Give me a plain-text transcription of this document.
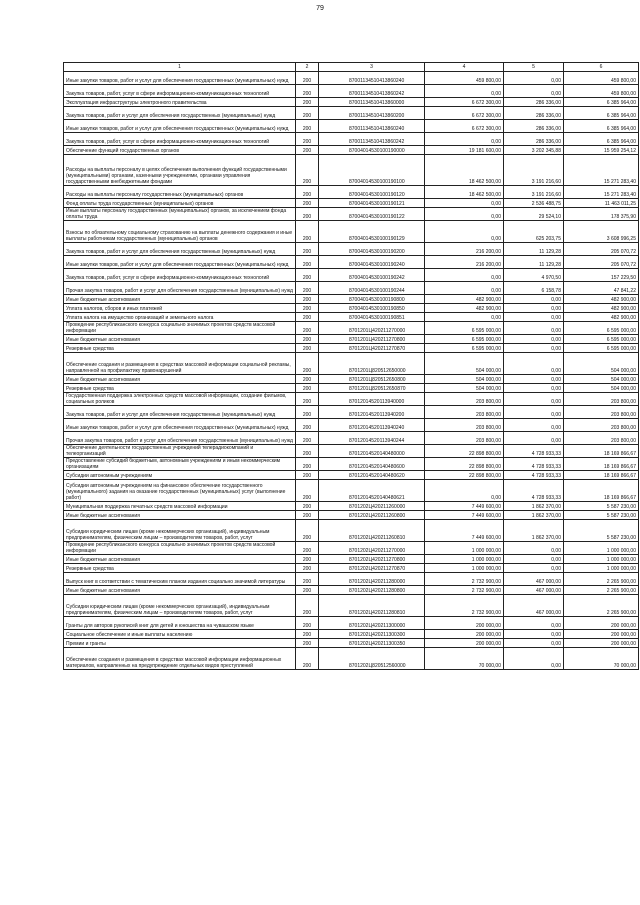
79
1	2	3	4	5	6
Иные закупки товаров, работ и услуг для обеспечения государственных (муниципальных) нужд	200	87001134510413860240	459 800,00	0,00	459 800,00
Закупка товаров, работ, услуг в сфере информационно-коммуникационных технологий	200	87001134510413860242	0,00	0,00	459 800,00
Эксплуатация инфраструктуры электронного правительства	200	87001134510413860000	6 672 300,00	286 336,00	6 385 964,00
Закупка товаров, работ и услуг для обеспечения государственных (муниципальных) нужд	200	87001134510413860200	6 672 300,00	286 336,00	6 385 964,00
Иные закупки товаров, работ и услуг для обеспечения государственных (муниципальных) нужд	200	87001134510413860240	6 672 300,00	286 336,00	6 385 964,00
Закупка товаров, работ, услуг в сфере информационно-коммуникационных технологий	200	87001134510413860242	0,00	286 336,00	6 385 964,00
Обеспечение функций государственных органов	200	87004014530100190000	19 181 600,00	3 202 345,88	15 959 254,12
Расходы на выплаты персоналу в целях обеспечения выполнения функций государственными (муниципальными) органами, казенными учреждениями, органами управления государственными внебюджетными фондами	200	87004014530100190100	18 462 500,00	3 191 216,60	15 271 283,40
Расходы на выплаты персоналу государственных (муниципальных) органов	200	87004014530100190120	18 462 500,00	3 191 216,60	15 271 283,40
Фонд оплаты труда государственных (муниципальных) органов	200	87004014530100190121	0,00	2 536 488,75	11 463 011,25
Иные выплаты персоналу государственных (муниципальных) органов, за исключением фонда оплаты труда	200	87004014530100190122	0,00	29 524,10	178 375,90
Взносы по обязательному социальному страхованию на выплаты денежного содержания и иные выплаты работникам государственных (муниципальных) органов	200	87004014530100190129	0,00	625 203,75	3 608 996,25
Закупка товаров, работ и услуг для обеспечения государственных (муниципальных) нужд	200	87004014530100190200	216 200,00	11 129,28	205 070,72
Иные закупки товаров, работ и услуг для обеспечения государственных (муниципальных) нужд	200	87004014530100190240	216 200,00	11 129,28	205 070,72
Закупка товаров, работ, услуг в сфере информационно-коммуникационных технологий	200	87004014530100190242	0,00	4 970,50	157 229,50
Прочая закупка товаров, работ и услуг для обеспечения государственных (муниципальных) нужд	200	87004014530100190244	0,00	6 158,78	47 841,22
Иные бюджетные ассигнования	200	87004014530100190800	482 900,00	0,00	482 900,00
Уплата налогов, сборов и иных платежей	200	87004014530100190850	482 900,00	0,00	482 900,00
Уплата налога на имущество организаций и земельного налога	200	87004014530100190851	0,00	0,00	482 900,00
Проведение республиканского конкурса социально значимых проектов средств массовой информации	200	8701201Ц420211270000	6 595 000,00	0,00	6 595 000,00
Иные бюджетные ассигнования	200	8701201Ц420211270800	6 595 000,00	0,00	6 595 000,00
Резервные средства	200	8701201Ц420211270870	6 595 000,00	0,00	6 595 000,00
Обеспечение создания и размещения в средствах массовой информации социальной рекламы, направленной на профилактику правонарушений	200	8701201Ц820512650000	504 000,00	0,00	504 000,00
Иные бюджетные ассигнования	200	8701201Ц820512650800	504 000,00	0,00	504 000,00
Резервные средства	200	8701201Ц820512650870	504 000,00	0,00	504 000,00
Государственная поддержка электронных средств массовой информации, создание фильмов, социальных роликов	200	87012014520113940000	203 800,00	0,00	203 800,00
Закупка товаров, работ и услуг для обеспечения государственных (муниципальных) нужд	200	87012014520113940200	203 800,00	0,00	203 800,00
Иные закупки товаров, работ и услуг для обеспечения государственных (муниципальных) нужд	200	87012014520113940240	203 800,00	0,00	203 800,00
Прочая закупка товаров, работ и услуг для обеспечения государственных (муниципальных) нужд	200	87012014520113940244	203 800,00	0,00	203 800,00
Обеспечение деятельности государственных учреждений телерадиокомпаний и телеорганизаций	200	87012014520140480000	22 898 800,00	4 728 933,33	18 169 866,67
Предоставление субсидий бюджетным, автономным учреждениям и иным некоммерческим организациям	200	87012014520140480600	22 898 800,00	4 728 933,33	18 169 866,67
Субсидии автономным учреждениям	200	87012014520140480620	22 898 800,00	4 728 933,33	18 169 866,67
Субсидии автономным учреждениям на финансовое обеспечение государственного (муниципального) задания на оказание государственных (муниципальных) услуг (выполнение работ)	200	87012014520140480621	0,00	4 728 933,33	18 169 866,67
Муниципальная поддержка печатных средств массовой информации	200	8701202Ц420211260000	7 449 600,00	1 862 370,00	5 587 230,00
Иные бюджетные ассигнования	200	8701202Ц420211260800	7 449 600,00	1 862 370,00	5 587 230,00
Субсидии юридическим лицам (кроме некоммерческих организаций), индивидуальным предпринимателям, физическим лицам – производителям товаров, работ, услуг	200	8701202Ц420211260810	7 449 600,00	1 862 370,00	5 587 230,00
Проведение республиканского конкурса социально значимых проектов средств массовой информации	200	8701202Ц420211270000	1 000 000,00	0,00	1 000 000,00
Иные бюджетные ассигнования	200	8701202Ц420211270800	1 000 000,00	0,00	1 000 000,00
Резервные средства	200	8701202Ц420211270870	1 000 000,00	0,00	1 000 000,00
Выпуск книг в соответствии с тематическим планом издания социально значимой литературы	200	8701202Ц420211280000	2 732 900,00	467 000,00	2 265 900,00
Иные бюджетные ассигнования	200	8701202Ц420211280800	2 732 900,00	467 000,00	2 265 900,00
Субсидии юридическим лицам (кроме некоммерческих организаций), индивидуальным предпринимателям, физическим лицам – производителям товаров, работ, услуг	200	8701202Ц420211280810	2 732 900,00	467 000,00	2 265 900,00
Гранты для авторов рукописей книг для детей и юношества на чувашском языке	200	8701202Ц420211300000	200 000,00	0,00	200 000,00
Социальное обеспечение и иные выплаты населению	200	8701202Ц420211300300	200 000,00	0,00	200 000,00
Премии и гранты	200	8701202Ц420211300350	200 000,00	0,00	200 000,00
Обеспечение создания и размещения в средствах массовой информации информационных материалов, направленных на предупреждение отдельных видов преступлений	200	8701202Ц820512560000	70 000,00	0,00	70 000,00
